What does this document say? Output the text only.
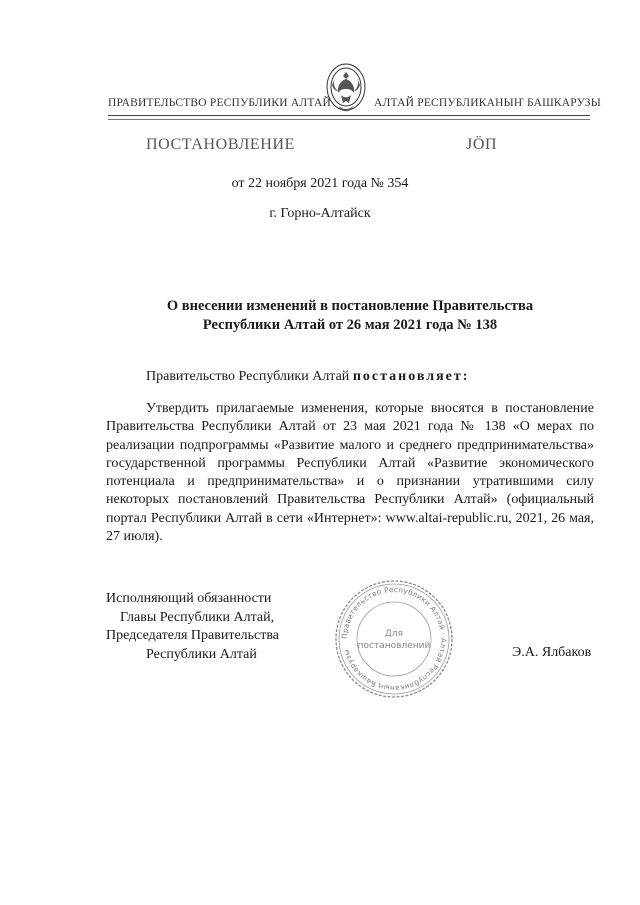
ПРАВИТЕЛЬСТВО РЕСПУБЛИКИ АЛТАЙ	АЛТАЙ РЕСПУБЛИКАНЫҤ БАШКАРУЗЫ
ПОСТАНОВЛЕНИЕ	ЈӦП
от 22 ноября 2021 года № 354
г. Горно-Алтайск
О внесении изменений в постановление Правительства
Республики Алтай от 26 мая 2021 года № 138
Правительство Республики Алтай постановляет:

Утвердить прилагаемые изменения, которые вносятся в постановление Правительства Республики Алтай от 23 мая 2021 года № 138 «О мерах по реализации подпрограммы «Развитие малого и среднего предпринимательства» государственной программы Республики Алтай «Развитие экономического потенциала и предпринимательства» и о признании утратившими силу некоторых постановлений Правительства Республики Алтай» (официальный портал Республики Алтай в сети «Интернет»: www.altai-republic.ru, 2021, 26 мая, 27 июля).

Исполняющий обязанности
Главы Республики Алтай,
Председателя Правительства
Республики Алтай	Э.А. Ялбаков
Правительство Республики Алтай · Алтай Республиканың Башкарузы
Для
постановлений
